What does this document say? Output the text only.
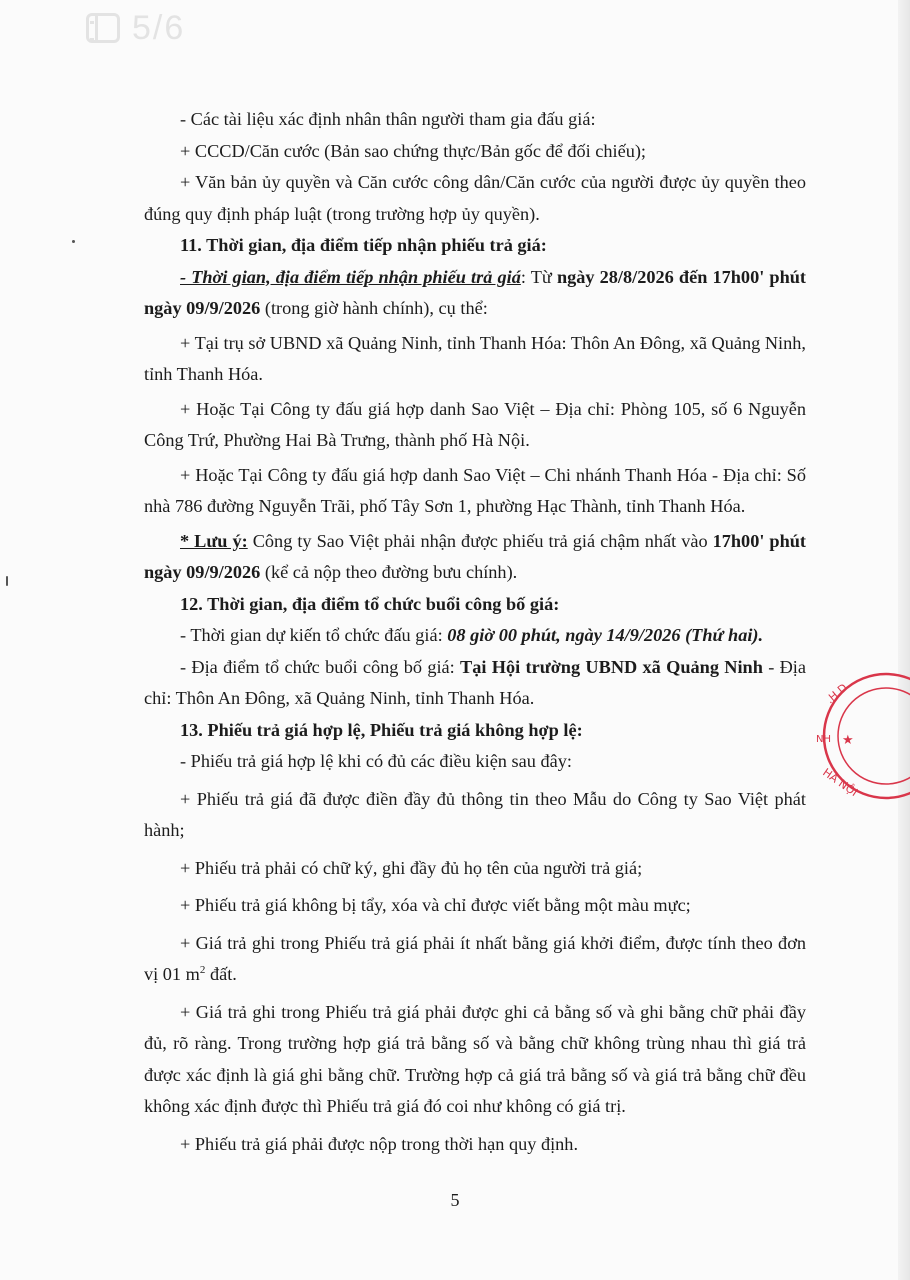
5/6

- Các tài liệu xác định nhân thân người tham gia đấu giá:

+ CCCD/Căn cước (Bản sao chứng thực/Bản gốc để đối chiếu);

+ Văn bản ủy quyền và Căn cước công dân/Căn cước của người được ủy quyền theo đúng quy định pháp luật (trong trường hợp ủy quyền).

11. Thời gian, địa điểm tiếp nhận phiếu trả giá:

- Thời gian, địa điểm tiếp nhận phiếu trả giá: Từ ngày 28/8/2026 đến 17h00' phút ngày 09/9/2026 (trong giờ hành chính), cụ thể:

+ Tại trụ sở UBND xã Quảng Ninh, tỉnh Thanh Hóa: Thôn An Đông, xã Quảng Ninh, tỉnh Thanh Hóa.

+ Hoặc Tại Công ty đấu giá hợp danh Sao Việt – Địa chỉ: Phòng 105, số 6 Nguyễn Công Trứ, Phường Hai Bà Trưng, thành phố Hà Nội.

+ Hoặc Tại Công ty đấu giá hợp danh Sao Việt – Chi nhánh Thanh Hóa - Địa chỉ: Số nhà 786 đường Nguyễn Trãi, phố Tây Sơn 1, phường Hạc Thành, tỉnh Thanh Hóa.

* Lưu ý: Công ty Sao Việt phải nhận được phiếu trả giá chậm nhất vào 17h00' phút ngày 09/9/2026 (kể cả nộp theo đường bưu chính).

12. Thời gian, địa điểm tổ chức buổi công bố giá:

- Thời gian dự kiến tổ chức đấu giá: 08 giờ 00 phút, ngày 14/9/2026 (Thứ hai).

- Địa điểm tổ chức buổi công bố giá: Tại Hội trường UBND xã Quảng Ninh - Địa chỉ: Thôn An Đông, xã Quảng Ninh, tỉnh Thanh Hóa.

13. Phiếu trả giá hợp lệ, Phiếu trả giá không hợp lệ:

- Phiếu trả giá hợp lệ khi có đủ các điều kiện sau đây:

+ Phiếu trả giá đã được điền đầy đủ thông tin theo Mẫu do Công ty Sao Việt phát hành;

+ Phiếu trả phải có chữ ký, ghi đầy đủ họ tên của người trả giá;

+ Phiếu trả giá không bị tẩy, xóa và chỉ được viết bằng một màu mực;

+ Giá trả ghi trong Phiếu trả giá phải ít nhất bằng giá khởi điểm, được tính theo đơn vị 01 $m^2$ đất.

+ Giá trả ghi trong Phiếu trả giá phải được ghi cả bằng số và ghi bằng chữ phải đầy đủ, rõ ràng. Trong trường hợp giá trả bằng số và bằng chữ không trùng nhau thì giá trả được xác định là giá ghi bằng chữ. Trường hợp cả giá trả bằng số và giá trả bằng chữ đều không xác định được thì Phiếu trả giá đó coi như không có giá trị.

+ Phiếu trả giá phải được nộp trong thời hạn quy định.

5
.H.D
NH ★
HÀ NỘI
